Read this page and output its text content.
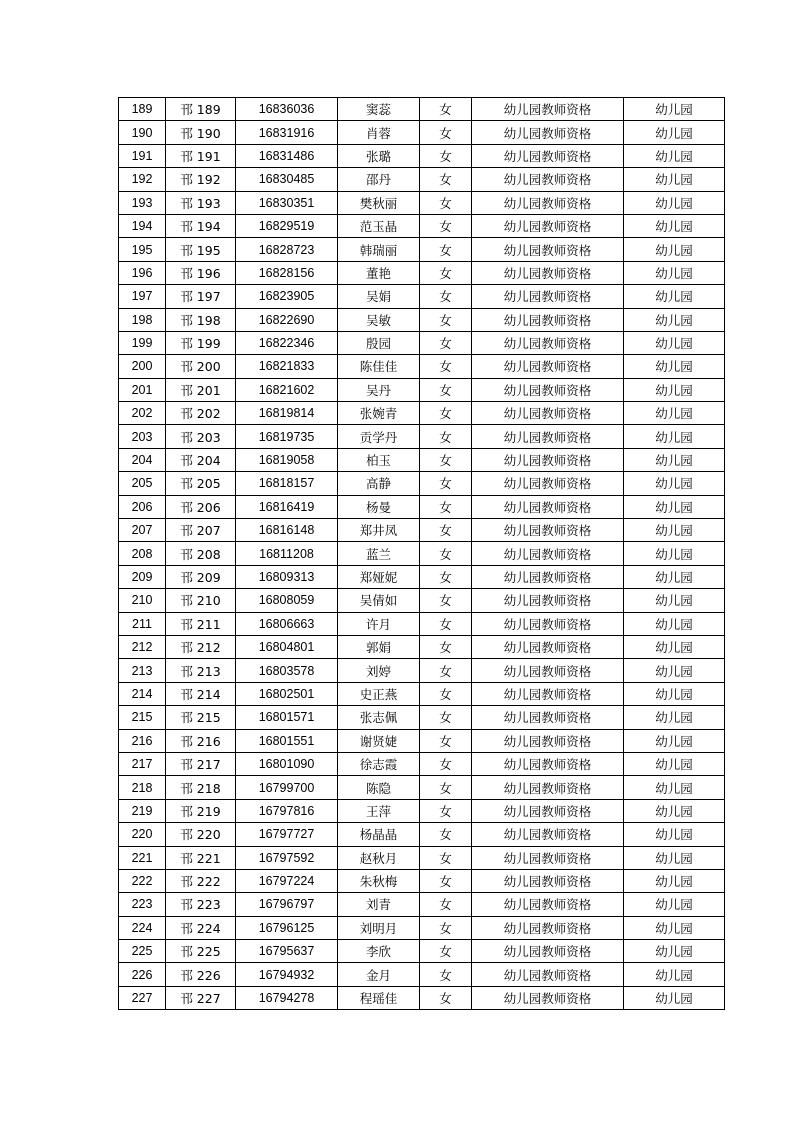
189	邗 189	16836036	窦蕊	女	幼儿园教师资格	幼儿园
190	邗 190	16831916	肖蓉	女	幼儿园教师资格	幼儿园
191	邗 191	16831486	张璐	女	幼儿园教师资格	幼儿园
192	邗 192	16830485	邵丹	女	幼儿园教师资格	幼儿园
193	邗 193	16830351	樊秋丽	女	幼儿园教师资格	幼儿园
194	邗 194	16829519	范玉晶	女	幼儿园教师资格	幼儿园
195	邗 195	16828723	韩瑞丽	女	幼儿园教师资格	幼儿园
196	邗 196	16828156	董艳	女	幼儿园教师资格	幼儿园
197	邗 197	16823905	吴娟	女	幼儿园教师资格	幼儿园
198	邗 198	16822690	吴敏	女	幼儿园教师资格	幼儿园
199	邗 199	16822346	殷园	女	幼儿园教师资格	幼儿园
200	邗 200	16821833	陈佳佳	女	幼儿园教师资格	幼儿园
201	邗 201	16821602	吴丹	女	幼儿园教师资格	幼儿园
202	邗 202	16819814	张婉青	女	幼儿园教师资格	幼儿园
203	邗 203	16819735	贡学丹	女	幼儿园教师资格	幼儿园
204	邗 204	16819058	柏玉	女	幼儿园教师资格	幼儿园
205	邗 205	16818157	高静	女	幼儿园教师资格	幼儿园
206	邗 206	16816419	杨曼	女	幼儿园教师资格	幼儿园
207	邗 207	16816148	郑井凤	女	幼儿园教师资格	幼儿园
208	邗 208	16811208	蓝兰	女	幼儿园教师资格	幼儿园
209	邗 209	16809313	郑娅妮	女	幼儿园教师资格	幼儿园
210	邗 210	16808059	吴倩如	女	幼儿园教师资格	幼儿园
211	邗 211	16806663	许月	女	幼儿园教师资格	幼儿园
212	邗 212	16804801	郭娟	女	幼儿园教师资格	幼儿园
213	邗 213	16803578	刘婷	女	幼儿园教师资格	幼儿园
214	邗 214	16802501	史正燕	女	幼儿园教师资格	幼儿园
215	邗 215	16801571	张志佩	女	幼儿园教师资格	幼儿园
216	邗 216	16801551	谢贤婕	女	幼儿园教师资格	幼儿园
217	邗 217	16801090	徐志霞	女	幼儿园教师资格	幼儿园
218	邗 218	16799700	陈隐	女	幼儿园教师资格	幼儿园
219	邗 219	16797816	王萍	女	幼儿园教师资格	幼儿园
220	邗 220	16797727	杨晶晶	女	幼儿园教师资格	幼儿园
221	邗 221	16797592	赵秋月	女	幼儿园教师资格	幼儿园
222	邗 222	16797224	朱秋梅	女	幼儿园教师资格	幼儿园
223	邗 223	16796797	刘青	女	幼儿园教师资格	幼儿园
224	邗 224	16796125	刘明月	女	幼儿园教师资格	幼儿园
225	邗 225	16795637	李欣	女	幼儿园教师资格	幼儿园
226	邗 226	16794932	金月	女	幼儿园教师资格	幼儿园
227	邗 227	16794278	程瑶佳	女	幼儿园教师资格	幼儿园
